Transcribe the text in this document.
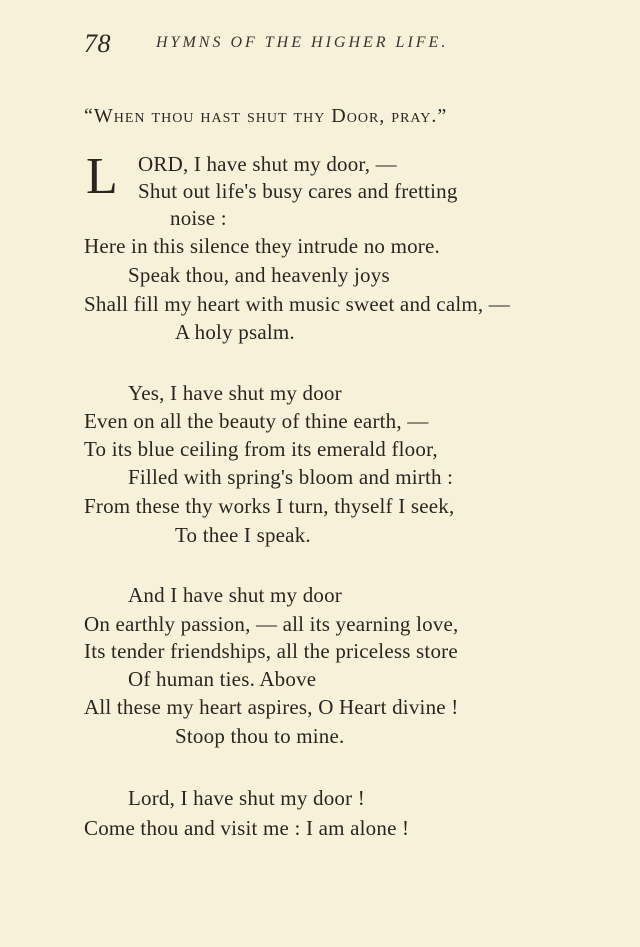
78	HYMNS OF THE HIGHER LIFE.
“When thou hast shut thy Door, pray.”
L ORD, I have shut my door, —
Shut out life's busy cares and fretting
noise :
Here in this silence they intrude no more.
Speak thou, and heavenly joys
Shall fill my heart with music sweet and calm, —
A holy psalm.
Yes, I have shut my door
Even on all the beauty of thine earth, —
To its blue ceiling from its emerald floor,
Filled with spring's bloom and mirth :
From these thy works I turn, thyself I seek,
To thee I speak.
And I have shut my door
On earthly passion, — all its yearning love,
Its tender friendships, all the priceless store
Of human ties. Above
All these my heart aspires, O Heart divine !
Stoop thou to mine.
Lord, I have shut my door !
Come thou and visit me : I am alone !
